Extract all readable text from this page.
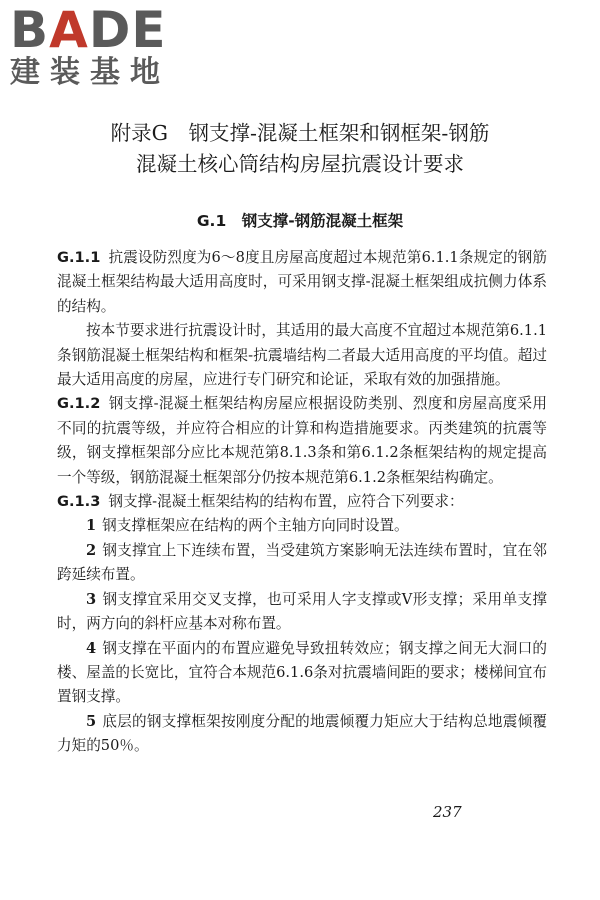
BADE
建装基地
附录G　钢支撑-混凝土框架和钢框架-钢筋
混凝土核心筒结构房屋抗震设计要求
G.1　钢支撑-钢筋混凝土框架

G.1.1 抗震设防烈度为6～8度且房屋高度超过本规范第6.1.1条规定的钢筋混凝土框架结构最大适用高度时，可采用钢支撑-混凝土框架组成抗侧力体系的结构。

按本节要求进行抗震设计时，其适用的最大高度不宜超过本规范第6.1.1条钢筋混凝土框架结构和框架-抗震墙结构二者最大适用高度的平均值。超过最大适用高度的房屋，应进行专门研究和论证，采取有效的加强措施。

G.1.2 钢支撑-混凝土框架结构房屋应根据设防类别、烈度和房屋高度采用不同的抗震等级，并应符合相应的计算和构造措施要求。丙类建筑的抗震等级，钢支撑框架部分应比本规范第8.1.3条和第6.1.2条框架结构的规定提高一个等级，钢筋混凝土框架部分仍按本规范第6.1.2条框架结构确定。

G.1.3 钢支撑-混凝土框架结构的结构布置，应符合下列要求：

1 钢支撑框架应在结构的两个主轴方向同时设置。

2 钢支撑宜上下连续布置，当受建筑方案影响无法连续布置时，宜在邻跨延续布置。

3 钢支撑宜采用交叉支撑，也可采用人字支撑或V形支撑；采用单支撑时，两方向的斜杆应基本对称布置。

4 钢支撑在平面内的布置应避免导致扭转效应；钢支撑之间无大洞口的楼、屋盖的长宽比，宜符合本规范6.1.6条对抗震墙间距的要求；楼梯间宜布置钢支撑。

5 底层的钢支撑框架按刚度分配的地震倾覆力矩应大于结构总地震倾覆力矩的50％。

237
